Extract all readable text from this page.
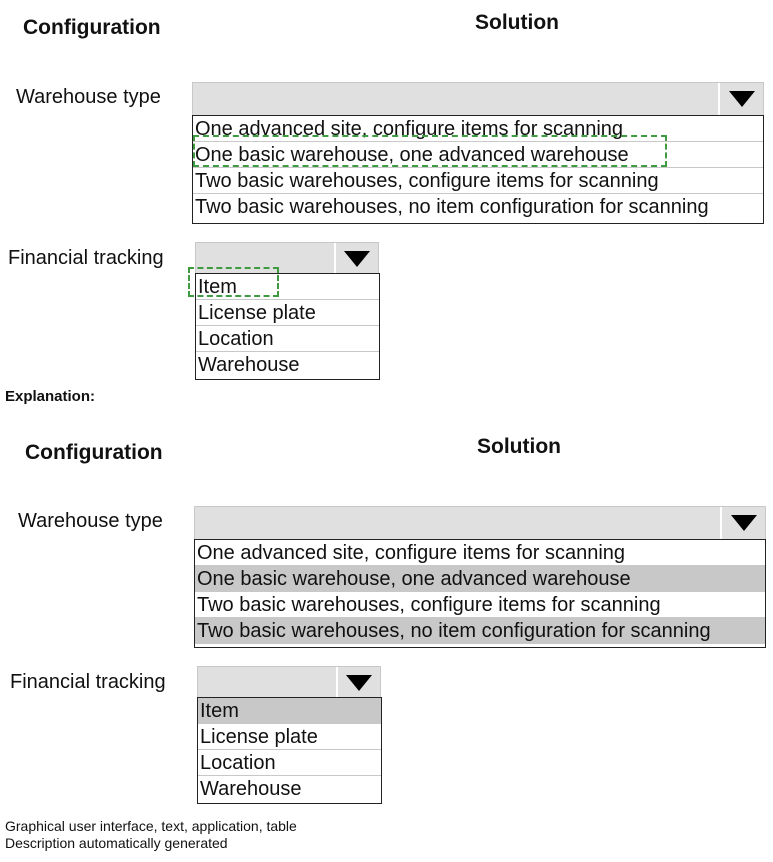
Configuration	Solution
Warehouse type
One advanced site, configure items for scanning
One basic warehouse, one advanced warehouse
Two basic warehouses, configure items for scanning
Two basic warehouses, no item configuration for scanning
Financial tracking
Item
License plate
Location
Warehouse
Explanation:
Configuration	Solution
Warehouse type
One advanced site, configure items for scanning
One basic warehouse, one advanced warehouse
Two basic warehouses, configure items for scanning
Two basic warehouses, no item configuration for scanning
Financial tracking
Item
License plate
Location
Warehouse
Graphical user interface, text, application, table
Description automatically generated
